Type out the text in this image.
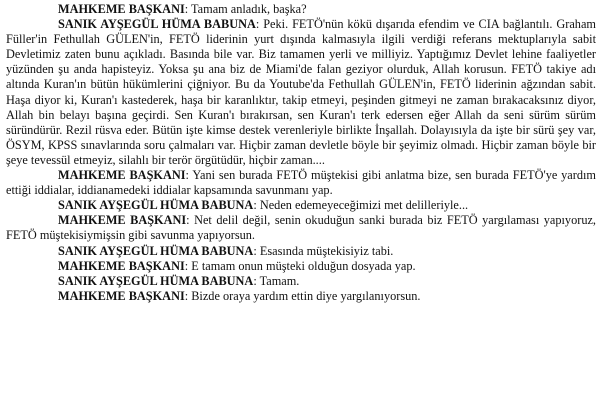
MAHKEME BAŞKANI: Tamam anladık, başka?

SANIK AYŞEGÜL HÜMA BABUNA: Peki. FETÖ'nün kökü dışarıda efendim ve CIA bağlantılı. Graham Füller'in Fethullah GÜLEN'in, FETÖ liderinin yurt dışında kalmasıyla ilgili verdiği referans mektuplarıyla sabit Devletimiz zaten bunu açıkladı. Basında bile var. Biz tamamen yerli ve milliyiz. Yaptığımız Devlet lehine faaliyetler yüzünden şu anda hapisteyiz. Yoksa şu ana biz de Miami'de falan geziyor olurduk, Allah korusun. FETÖ takiye adı altında Kuran'ın bütün hükümlerini çiğniyor. Bu da Youtube'da Fethullah GÜLEN'in, FETÖ liderinin ağzından sabit. Haşa diyor ki, Kuran'ı kastederek, haşa bir karanlıktır, takip etmeyi, peşinden gitmeyi ne zaman bırakacaksınız diyor, Allah bin belayı başına geçirdi. Sen Kuran'ı bırakırsan, sen Kuran'ı terk edersen eğer Allah da seni sürüm sürüm süründürür. Rezil rüsva eder. Bütün işte kimse destek verenleriyle birlikte İnşallah. Dolayısıyla da işte bir sürü şey var, ÖSYM, KPSS sınavlarında soru çalmaları var. Hiçbir zaman devletle böyle bir şeyimiz olmadı. Hiçbir zaman böyle bir şeye tevessül etmeyiz, silahlı bir terör örgütüdür, hiçbir zaman....

MAHKEME BAŞKANI: Yani sen burada FETÖ müştekisi gibi anlatma bize, sen burada FETÖ'ye yardım ettiği iddialar, iddianamedeki iddialar kapsamında savunmanı yap.

SANIK AYŞEGÜL HÜMA BABUNA: Neden edemeyeceğimizi met delilleriyle...

MAHKEME BAŞKANI: Net delil değil, senin okuduğun sanki burada biz FETÖ yargılaması yapıyoruz, FETÖ müştekisiymişsin gibi savunma yapıyorsun.

SANIK AYŞEGÜL HÜMA BABUNA: Esasında müştekisiyiz tabi.

MAHKEME BAŞKANI: E tamam onun müşteki olduğun dosyada yap.

SANIK AYŞEGÜL HÜMA BABUNA: Tamam.

MAHKEME BAŞKANI: Bizde oraya yardım ettin diye yargılanıyorsun.
